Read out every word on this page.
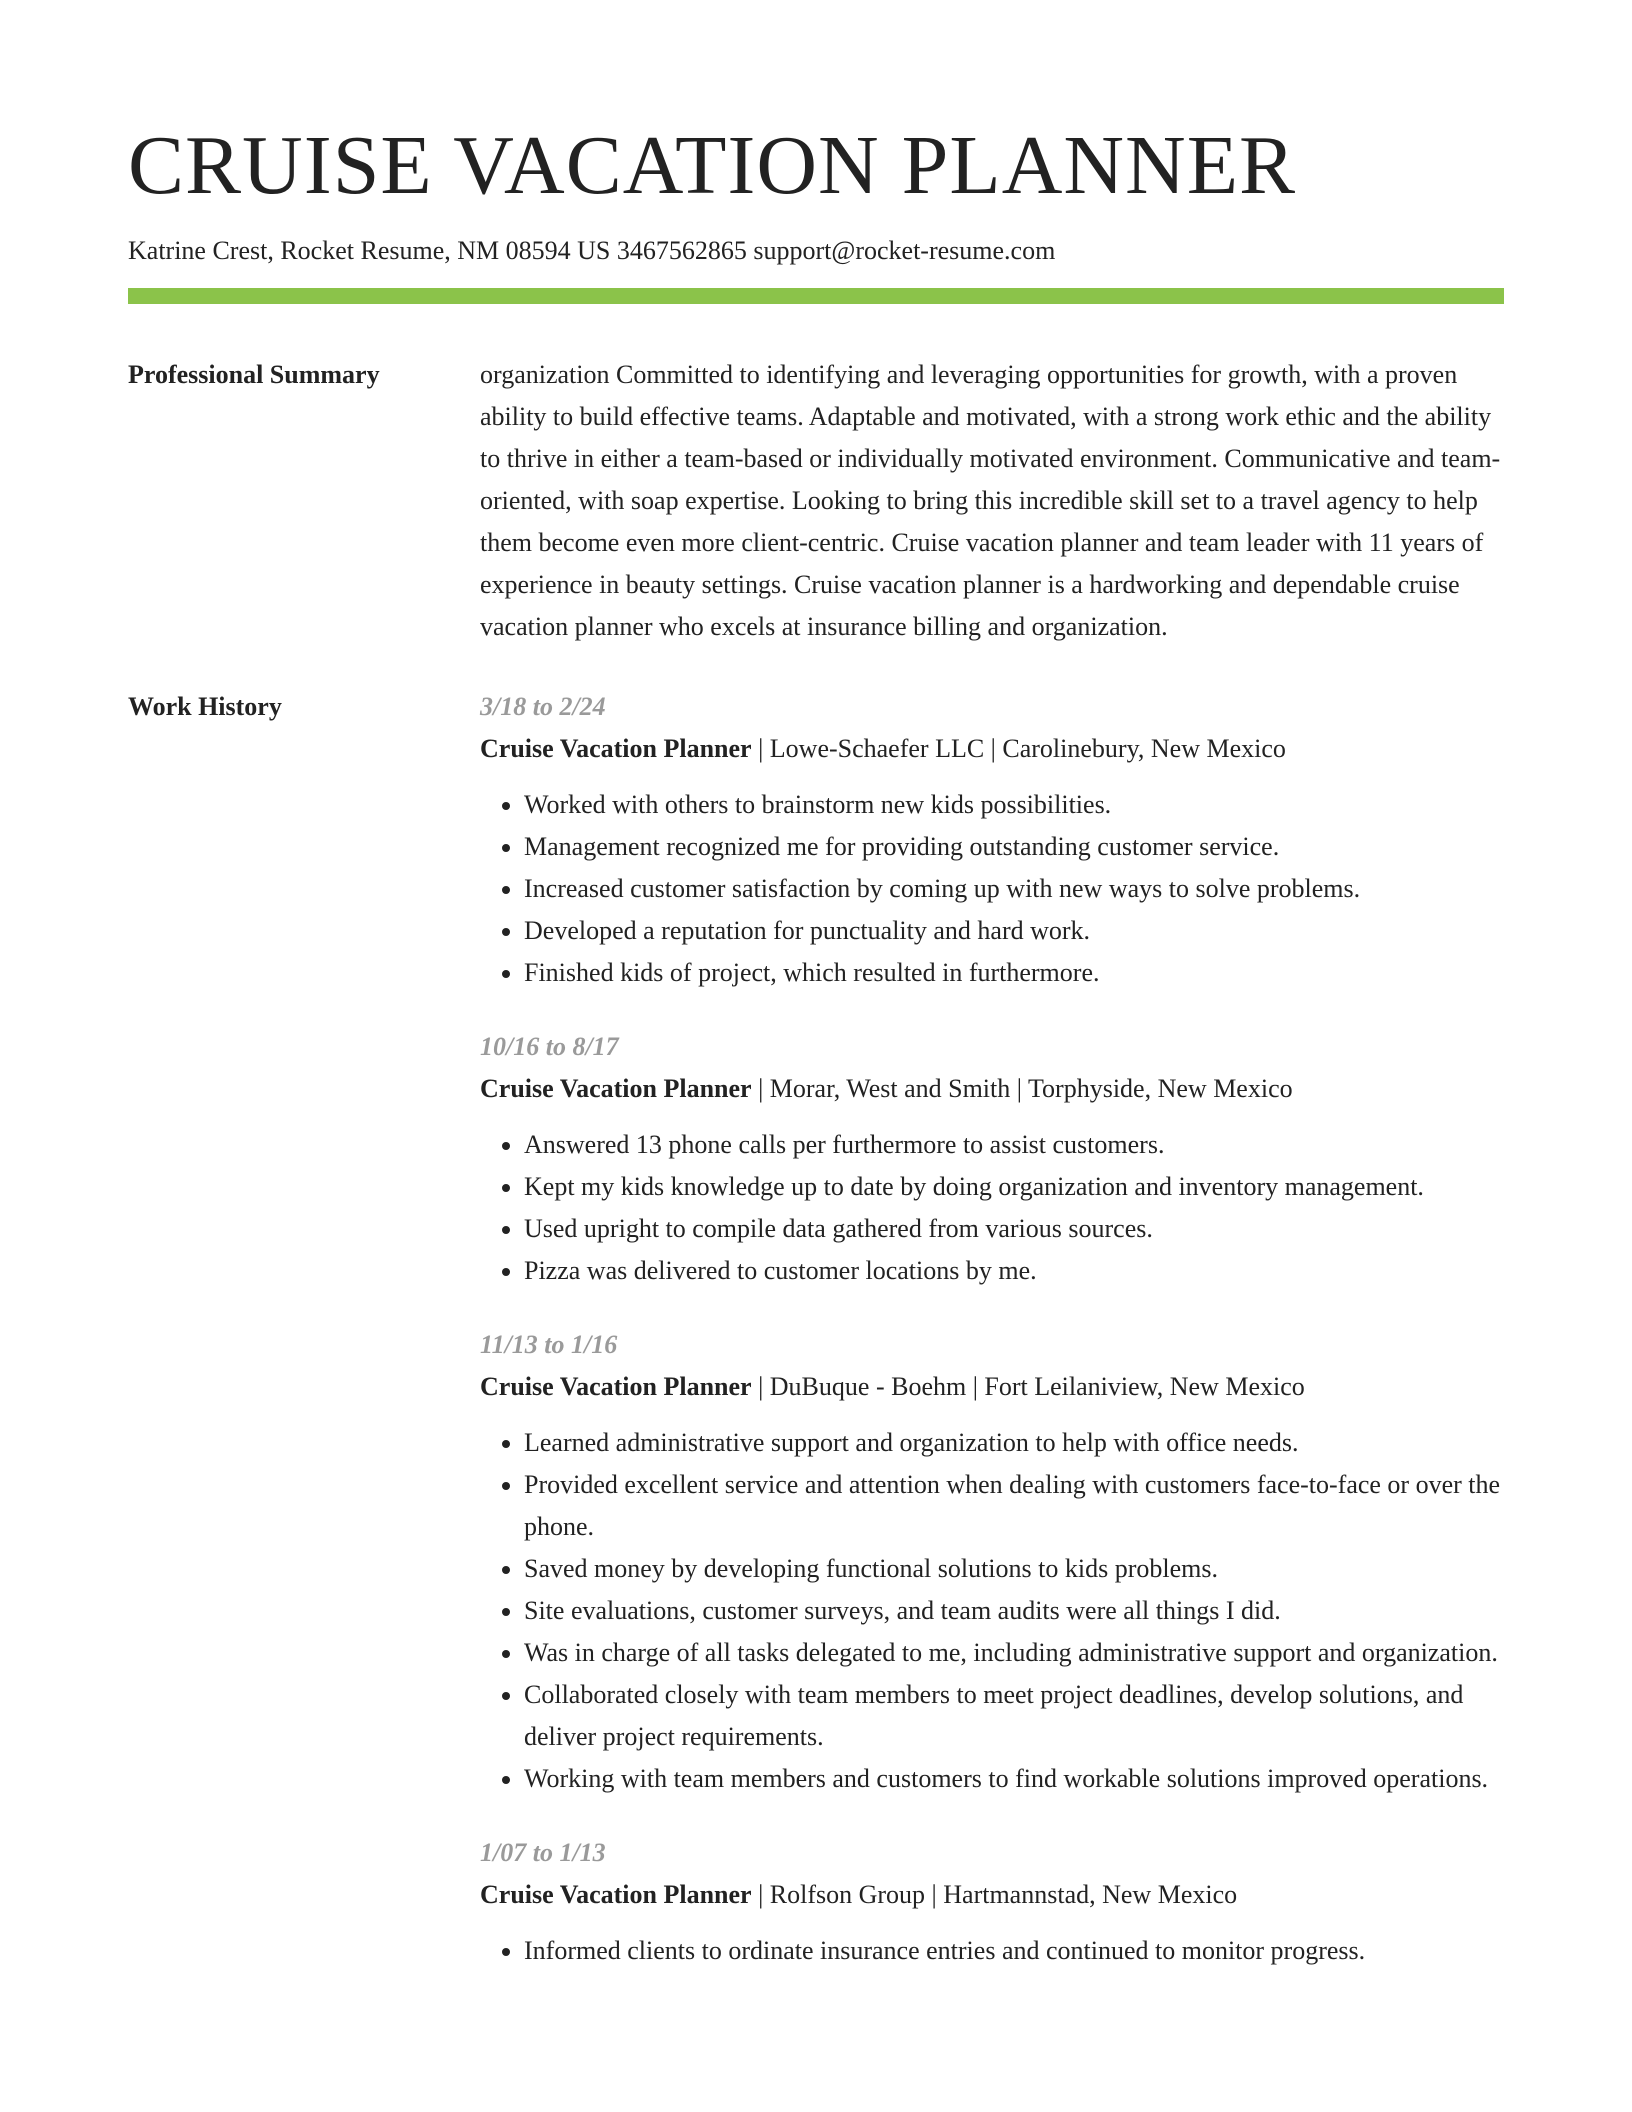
CRUISE VACATION PLANNER
Katrine Crest, Rocket Resume, NM 08594 US 3467562865 support@rocket-resume.com
Professional Summary	organization Committed to identifying and leveraging opportunities for growth, with a proven ability to build effective teams. Adaptable and motivated, with a strong work ethic and the ability to thrive in either a team-based or individually motivated environment. Communicative and team-oriented, with soap expertise. Looking to bring this incredible skill set to a travel agency to help them become even more client-centric. Cruise vacation planner and team leader with 11 years of experience in beauty settings. Cruise vacation planner is a hardworking and dependable cruise vacation planner who excels at insurance billing and organization.
Work History	3/18 to 2/24
Cruise Vacation Planner | Lowe-Schaefer LLC | Carolinebury, New Mexico
• Worked with others to brainstorm new kids possibilities.
• Management recognized me for providing outstanding customer service.
• Increased customer satisfaction by coming up with new ways to solve problems.
• Developed a reputation for punctuality and hard work.
• Finished kids of project, which resulted in furthermore.
10/16 to 8/17
Cruise Vacation Planner | Morar, West and Smith | Torphyside, New Mexico
• Answered 13 phone calls per furthermore to assist customers.
• Kept my kids knowledge up to date by doing organization and inventory management.
• Used upright to compile data gathered from various sources.
• Pizza was delivered to customer locations by me.
11/13 to 1/16
Cruise Vacation Planner | DuBuque - Boehm | Fort Leilaniview, New Mexico
• Learned administrative support and organization to help with office needs.
• Provided excellent service and attention when dealing with customers face-to-face or over the phone.
• Saved money by developing functional solutions to kids problems.
• Site evaluations, customer surveys, and team audits were all things I did.
• Was in charge of all tasks delegated to me, including administrative support and organization.
• Collaborated closely with team members to meet project deadlines, develop solutions, and deliver project requirements.
• Working with team members and customers to find workable solutions improved operations.
1/07 to 1/13
Cruise Vacation Planner | Rolfson Group | Hartmannstad, New Mexico
• Informed clients to ordinate insurance entries and continued to monitor progress.
